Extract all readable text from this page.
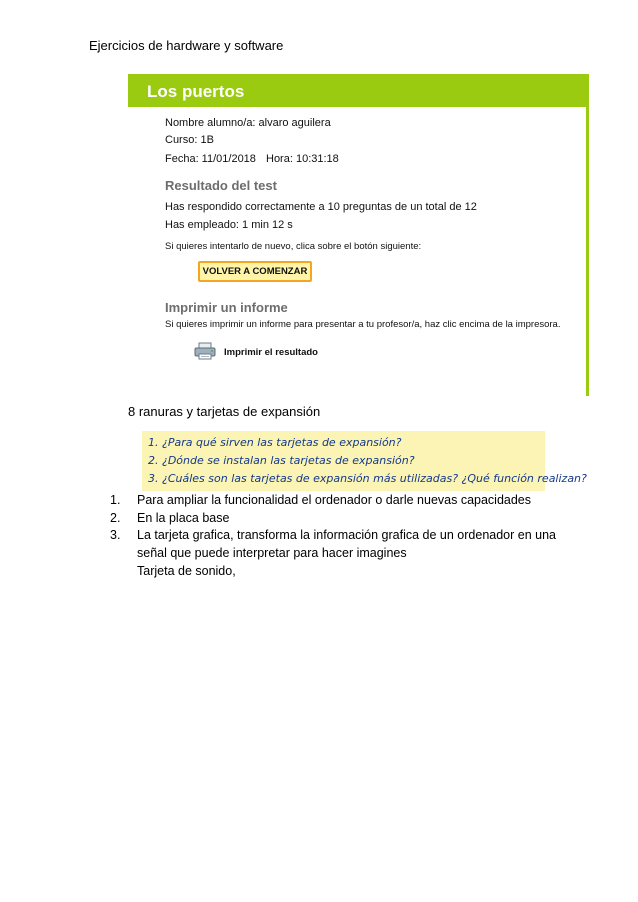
Ejercicios de hardware y software
Los puertos
Nombre alumno/a: alvaro aguilera
Curso: 1B
Fecha: 11/01/2018 Hora: 10:31:18
Resultado del test
Has respondido correctamente a 10 preguntas de un total de 12
Has empleado: 1 min 12 s
Si quieres intentarlo de nuevo, clica sobre el botón siguiente:
VOLVER A COMENZAR
Imprimir un informe
Si quieres imprimir un informe para presentar a tu profesor/a, haz clic encima de la impresora.
Imprimir el resultado
8 ranuras y tarjetas de expansión
1. ¿Para qué sirven las tarjetas de expansión?
2. ¿Dónde se instalan las tarjetas de expansión?
3. ¿Cuáles son las tarjetas de expansión más utilizadas? ¿Qué función realizan?
1.	Para ampliar la funcionalidad el ordenador o darle nuevas capacidades
2.	En la placa base
3.	La tarjeta grafica, transforma la información grafica de un ordenador en una
señal que puede interpretar para hacer imagines
Tarjeta de sonido,
